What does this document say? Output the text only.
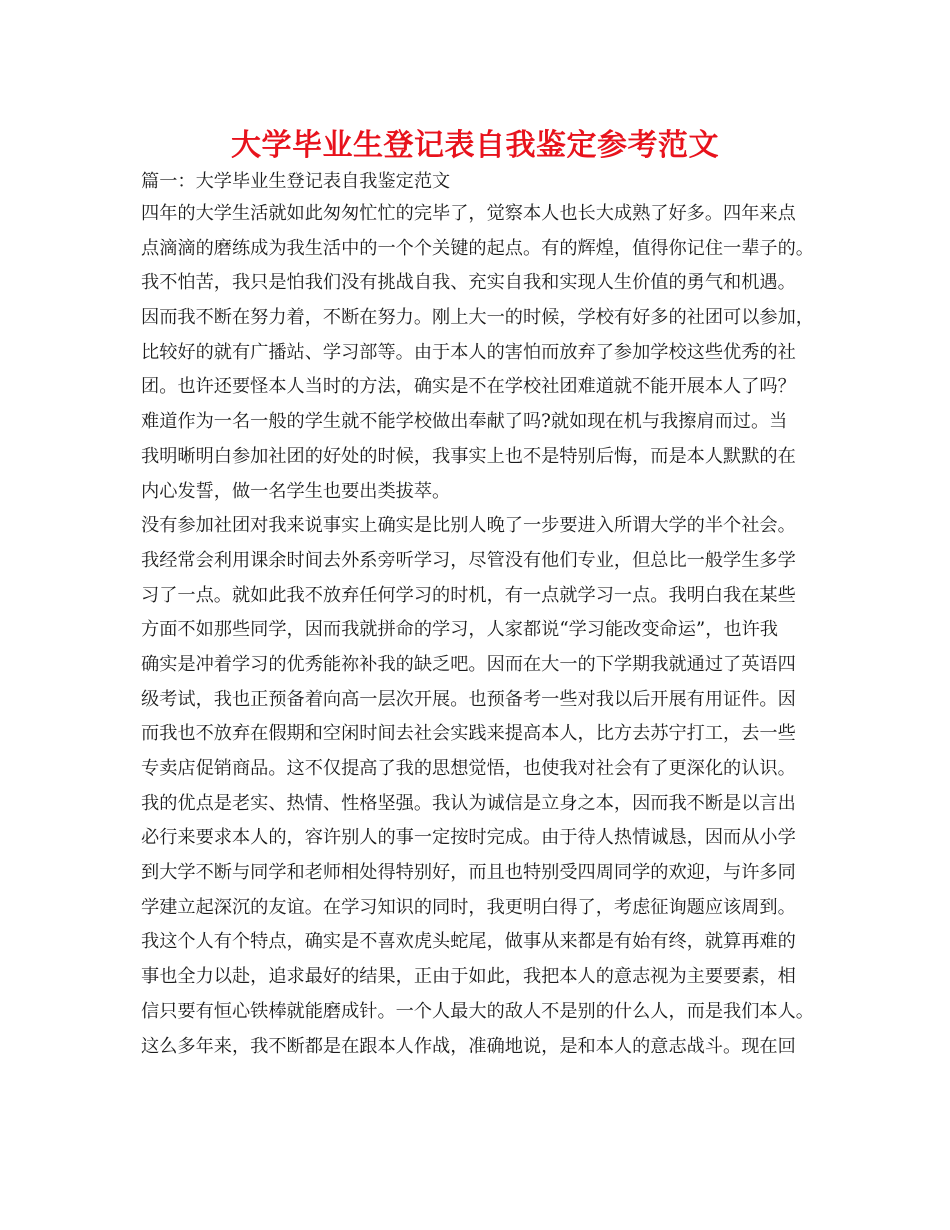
大学毕业生登记表自我鉴定参考范文
篇一：大学毕业生登记表自我鉴定范文
四年的大学生活就如此匆匆忙忙的完毕了，觉察本人也长大成熟了好多。四年来点
点滴滴的磨练成为我生活中的一个个关键的起点。有的辉煌，值得你记住一辈子的。
我不怕苦，我只是怕我们没有挑战自我、充实自我和实现人生价值的勇气和机遇。
因而我不断在努力着，不断在努力。刚上大一的时候，学校有好多的社团可以参加，
比较好的就有广播站、学习部等。由于本人的害怕而放弃了参加学校这些优秀的社
团。也许还要怪本人当时的方法，确实是不在学校社团难道就不能开展本人了吗？
难道作为一名一般的学生就不能学校做出奉献了吗?就如现在机与我擦肩而过。当
我明晰明白参加社团的好处的时候，我事实上也不是特别后悔，而是本人默默的在
内心发誓，做一名学生也要出类拔萃。
没有参加社团对我来说事实上确实是比别人晚了一步要进入所谓大学的半个社会。
我经常会利用课余时间去外系旁听学习，尽管没有他们专业，但总比一般学生多学
习了一点。就如此我不放弃任何学习的时机，有一点就学习一点。我明白我在某些
方面不如那些同学，因而我就拼命的学习，人家都说“学习能改变命运”，也许我
确实是冲着学习的优秀能祢补我的缺乏吧。因而在大一的下学期我就通过了英语四
级考试，我也正预备着向高一层次开展。也预备考一些对我以后开展有用证件。因
而我也不放弃在假期和空闲时间去社会实践来提高本人，比方去苏宁打工，去一些
专卖店促销商品。这不仅提高了我的思想觉悟，也使我对社会有了更深化的认识。
我的优点是老实、热情、性格坚强。我认为诚信是立身之本，因而我不断是以言出
必行来要求本人的，容许别人的事一定按时完成。由于待人热情诚恳，因而从小学
到大学不断与同学和老师相处得特别好，而且也特别受四周同学的欢迎，与许多同
学建立起深沉的友谊。在学习知识的同时，我更明白得了，考虑征询题应该周到。
我这个人有个特点，确实是不喜欢虎头蛇尾，做事从来都是有始有终，就算再难的
事也全力以赴，追求最好的结果，正由于如此，我把本人的意志视为主要要素，相
信只要有恒心铁棒就能磨成针。一个人最大的敌人不是别的什么人，而是我们本人。
这么多年来，我不断都是在跟本人作战，准确地说，是和本人的意志战斗。现在回
